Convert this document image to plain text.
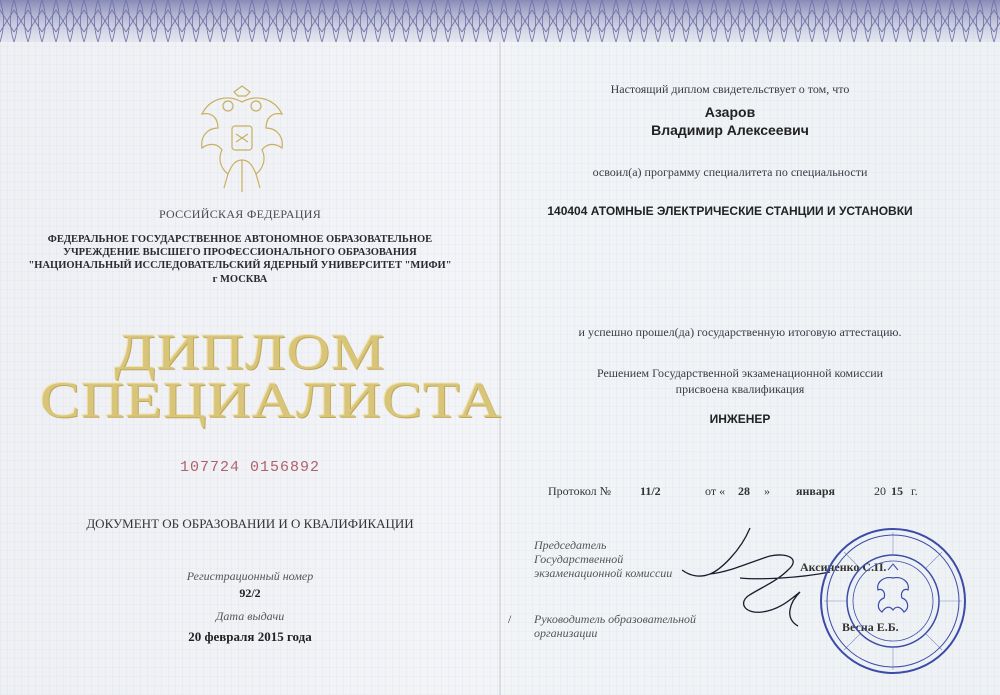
РОССИЙСКАЯ ФЕДЕРАЦИЯ
ФЕДЕРАЛЬНОЕ ГОСУДАРСТВЕННОЕ АВТОНОМНОЕ ОБРАЗОВАТЕЛЬНОЕ
УЧРЕЖДЕНИЕ ВЫСШЕГО ПРОФЕССИОНАЛЬНОГО ОБРАЗОВАНИЯ
"НАЦИОНАЛЬНЫЙ ИССЛЕДОВАТЕЛЬСКИЙ ЯДЕРНЫЙ УНИВЕРСИТЕТ "МИФИ"
г МОСКВА
ДИПЛОМ
СПЕЦИАЛИСТА
107724 0156892
ДОКУМЕНТ ОБ ОБРАЗОВАНИИ И О КВАЛИФИКАЦИИ
Регистрационный номер
92/2
Дата выдачи
20 февраля 2015 года
Настоящий диплом свидетельствует о том, что
Азаров
Владимир Алексеевич
освоил(а) программу специалитета по специальности
140404 АТОМНЫЕ ЭЛЕКТРИЧЕСКИЕ СТАНЦИИ И УСТАНОВКИ
и успешно прошел(да) государственную итоговую аттестацию.
Решением Государственной экзаменационной комиссии
присвоена квалификация
ИНЖЕНЕР
Протокол № 11/2	от « 28 » января	20 15 г.
Председатель
Государственной
экзаменационной комиссии	Аксиненко С.П.
/ Руководитель образовательной
организации	Весна Е.Б.
